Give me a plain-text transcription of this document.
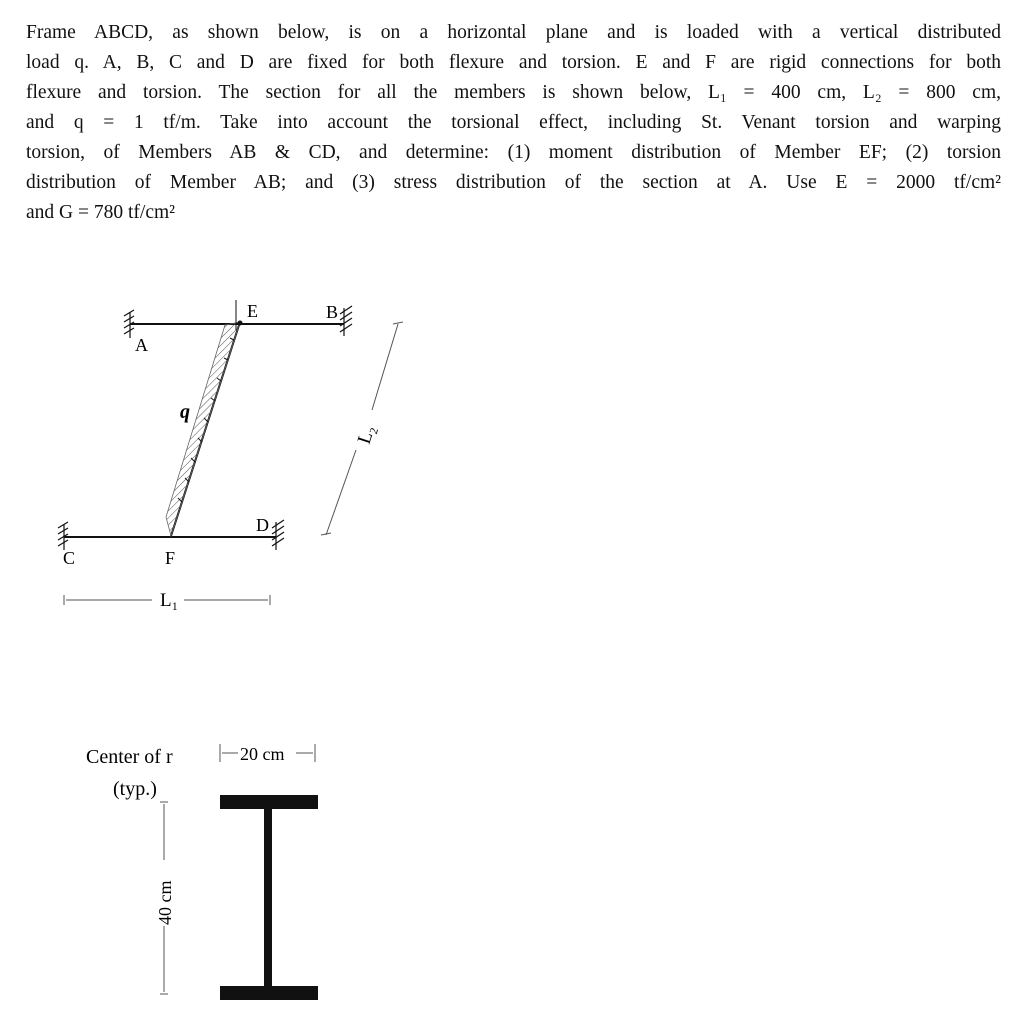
Frame ABCD, as shown below, is on a horizontal plane and is loaded with a vertical distributed
load q. A, B, C and D are fixed for both flexure and torsion. E and F are rigid connections for both
flexure and torsion. The section for all the members is shown below, L₁ = 400 cm, L₂ = 800 cm,
and q = 1 tf/m. Take into account the torsional effect, including St. Venant torsion and warping
torsion, of Members AB & CD, and determine: (1) moment distribution of Member EF; (2) torsion
distribution of Member AB; and (3) stress distribution of the section at A. Use E = 2000 tf/cm²
and G = 780 tf/cm²
q
A
B
C
D
E
F
L₁
L₂
Center of r
(typ.)
20 cm
40 cm
